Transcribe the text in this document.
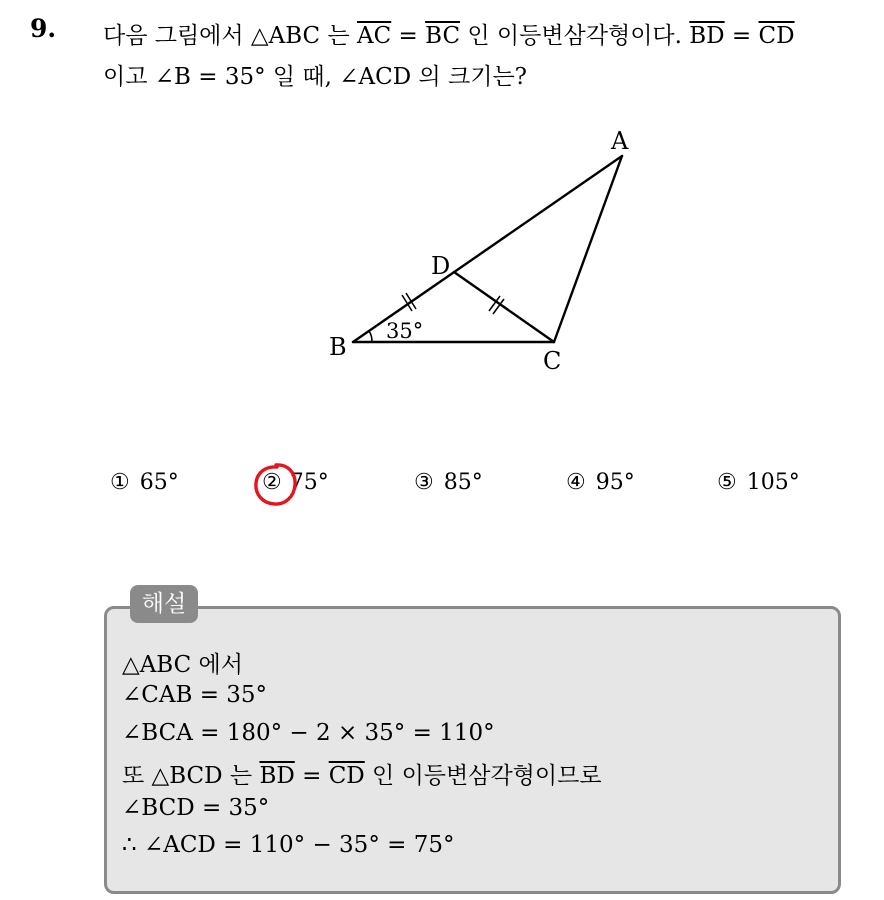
9. 다음 그림에서 △ABC 는 $\overline{AC} = \overline{BC}$ 인 이등변삼각형이다. $\overline{BD} = \overline{CD}$
이고 ∠B = 35° 일 때, ∠ACD 의 크기는?
A
B	C
D
35°
① 65°	② 75°	③ 85°	④ 95°	⑤ 105°
해설
△ABC 에서
∠CAB = 35°
∠BCA = 180° − 2 × 35° = 110°
또 △BCD 는 $\overline{BD} = \overline{CD}$ 인 이등변삼각형이므로
∠BCD = 35°
∴ ∠ACD = 110° − 35° = 75°
